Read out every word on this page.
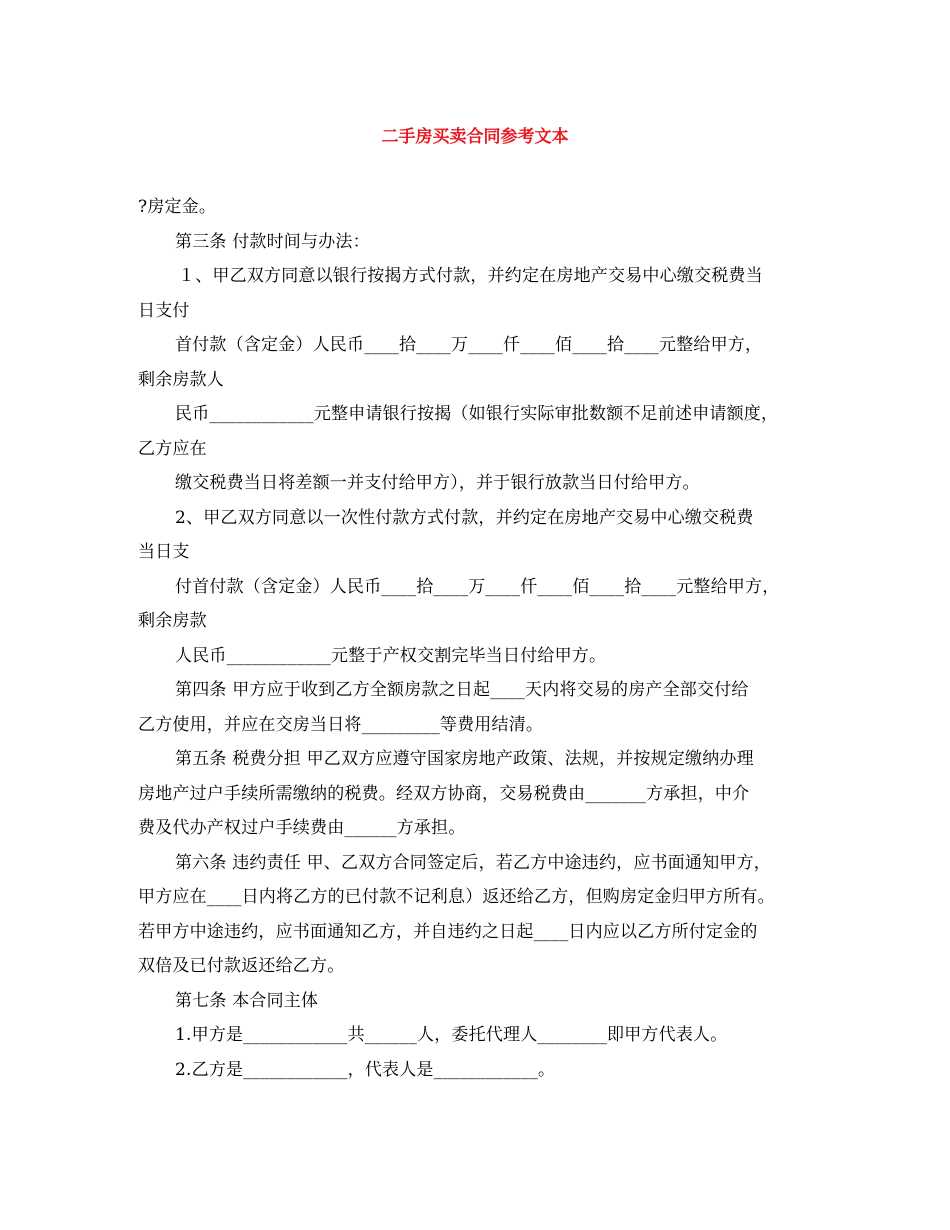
二手房买卖合同参考文本
?房定金。
第三条 付款时间与办法：
１、甲乙双方同意以银行按揭方式付款，并约定在房地产交易中心缴交税费当
日支付
首付款（含定金）人民币____拾____万____仟____佰____拾____元整给甲方，
剩余房款人
民币____________元整申请银行按揭（如银行实际审批数额不足前述申请额度，
乙方应在
缴交税费当日将差额一并支付给甲方），并于银行放款当日付给甲方。
2、甲乙双方同意以一次性付款方式付款，并约定在房地产交易中心缴交税费
当日支
付首付款（含定金）人民币____拾____万____仟____佰____拾____元整给甲方，
剩余房款
人民币____________元整于产权交割完毕当日付给甲方。
第四条 甲方应于收到乙方全额房款之日起____天内将交易的房产全部交付给
乙方使用，并应在交房当日将_________等费用结清。
第五条 税费分担 甲乙双方应遵守国家房地产政策、法规，并按规定缴纳办理
房地产过户手续所需缴纳的税费。经双方协商，交易税费由_______方承担，中介
费及代办产权过户手续费由______方承担。
第六条 违约责任 甲、乙双方合同签定后，若乙方中途违约，应书面通知甲方，
甲方应在____日内将乙方的已付款不记利息）返还给乙方，但购房定金归甲方所有。
若甲方中途违约，应书面通知乙方，并自违约之日起____日内应以乙方所付定金的
双倍及已付款返还给乙方。
第七条 本合同主体
1.甲方是____________共______人，委托代理人________即甲方代表人。
2.乙方是____________，代表人是____________。
